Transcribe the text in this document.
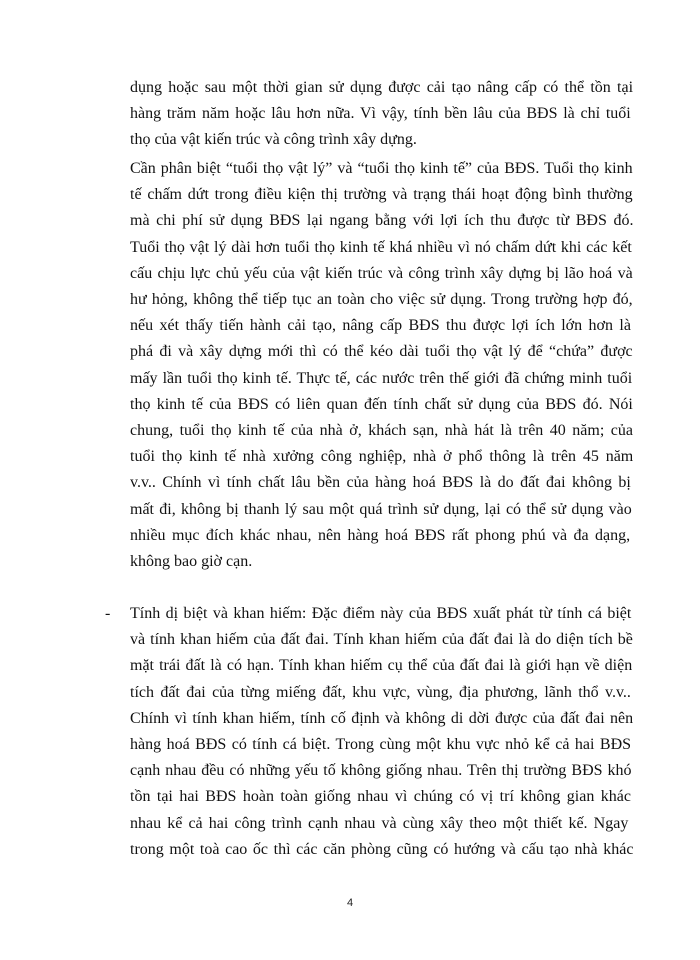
dụng hoặc sau một thời gian sử dụng được cải tạo nâng cấp có thể tồn tại
hàng trăm năm hoặc lâu hơn nữa. Vì vậy, tính bền lâu của BĐS là chỉ tuổi
thọ của vật kiến trúc và công trình xây dựng.
Cần phân biệt “tuổi thọ vật lý” và “tuổi thọ kinh tế” của BĐS. Tuổi thọ kinh
tế chấm dứt trong điều kiện thị trường và trạng thái hoạt động bình thường
mà chi phí sử dụng BĐS lại ngang bằng với lợi ích thu được từ BĐS đó.
Tuổi thọ vật lý dài hơn tuổi thọ kinh tế khá nhiều vì nó chấm dứt khi các kết
cấu chịu lực chủ yếu của vật kiến trúc và công trình xây dựng bị lão hoá và
hư hỏng, không thể tiếp tục an toàn cho việc sử dụng. Trong trường hợp đó,
nếu xét thấy tiến hành cải tạo, nâng cấp BĐS thu được lợi ích lớn hơn là
phá đi và xây dựng mới thì có thể kéo dài tuổi thọ vật lý để “chứa” được
mấy lần tuổi thọ kinh tế. Thực tế, các nước trên thế giới đã chứng minh tuổi
thọ kinh tế của BĐS có liên quan đến tính chất sử dụng của BĐS đó. Nói
chung, tuổi thọ kinh tế của nhà ở, khách sạn, nhà hát là trên 40 năm; của
tuổi thọ kinh tế nhà xưởng công nghiệp, nhà ở phổ thông là trên 45 năm
v.v.. Chính vì tính chất lâu bền của hàng hoá BĐS là do đất đai không bị
mất đi, không bị thanh lý sau một quá trình sử dụng, lại có thể sử dụng vào
nhiều mục đích khác nhau, nên hàng hoá BĐS rất phong phú và đa dạng,
không bao giờ cạn.
Tính dị biệt và khan hiếm: Đặc điểm này của BĐS xuất phát từ tính cá biệt
và tính khan hiếm của đất đai. Tính khan hiếm của đất đai là do diện tích bề
mặt trái đất là có hạn. Tính khan hiếm cụ thể của đất đai là giới hạn về diện
tích đất đai của từng miếng đất, khu vực, vùng, địa phương, lãnh thổ v.v..
Chính vì tính khan hiếm, tính cố định và không di dời được của đất đai nên
hàng hoá BĐS có tính cá biệt. Trong cùng một khu vực nhỏ kể cả hai BĐS
cạnh nhau đều có những yếu tố không giống nhau. Trên thị trường BĐS khó
tồn tại hai BĐS hoàn toàn giống nhau vì chúng có vị trí không gian khác
nhau kể cả hai công trình cạnh nhau và cùng xây theo một thiết kế. Ngay
trong một toà cao ốc thì các căn phòng cũng có hướng và cấu tạo nhà khác
-
4
